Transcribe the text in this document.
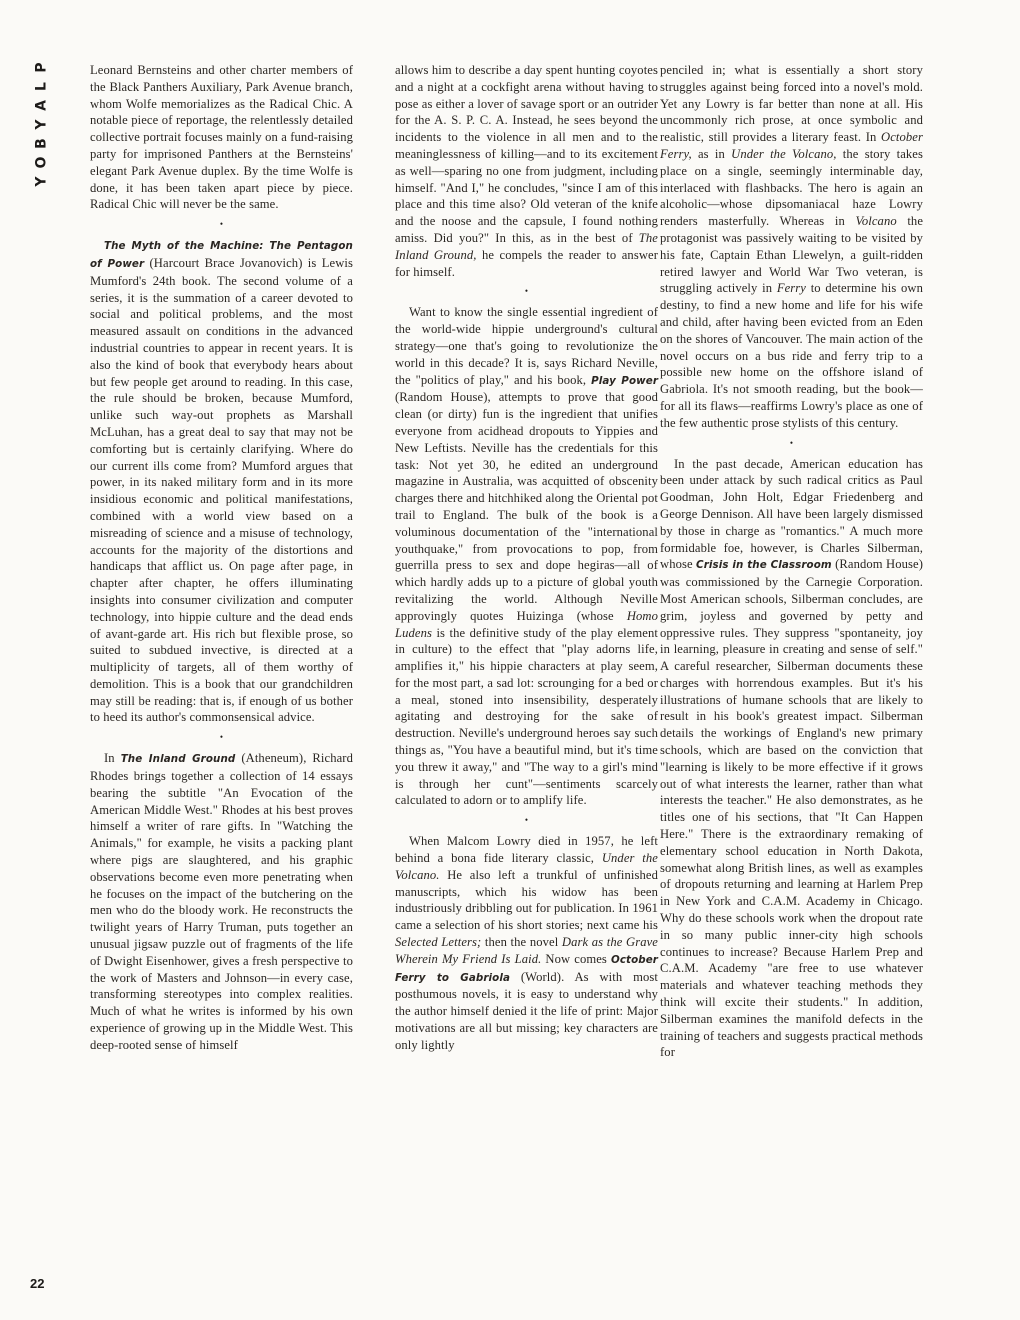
P
L
A
Y
B
O
Y
22

Leonard Bernsteins and other charter members of the Black Panthers Auxiliary, Park Avenue branch, whom Wolfe memorializes as the Radical Chic. A notable piece of reportage, the relentlessly detailed collective portrait focuses mainly on a fund-raising party for imprisoned Panthers at the Bernsteins' elegant Park Avenue duplex. By the time Wolfe is done, it has been taken apart piece by piece. Radical Chic will never be the same.

•

The Myth of the Machine: The Pentagon of Power (Harcourt Brace Jovanovich) is Lewis Mumford's 24th book. The second volume of a series, it is the summation of a career devoted to social and political problems, and the most measured assault on conditions in the advanced industrial countries to appear in recent years. It is also the kind of book that everybody hears about but few people get around to reading. In this case, the rule should be broken, because Mumford, unlike such way-out prophets as Marshall McLuhan, has a great deal to say that may not be comforting but is certainly clarifying. Where do our current ills come from? Mumford argues that power, in its naked military form and in its more insidious economic and political manifestations, combined with a world view based on a misreading of science and a misuse of technology, accounts for the majority of the distortions and handicaps that afflict us. On page after page, in chapter after chapter, he offers illuminating insights into consumer civilization and computer technology, into hippie culture and the dead ends of avant-garde art. His rich but flexible prose, so suited to subdued invective, is directed at a multiplicity of targets, all of them worthy of demolition. This is a book that our grandchildren may still be reading: that is, if enough of us bother to heed its author's commonsensical advice.

•

In The Inland Ground (Atheneum), Richard Rhodes brings together a collection of 14 essays bearing the subtitle "An Evocation of the American Middle West." Rhodes at his best proves himself a writer of rare gifts. In "Watching the Animals," for example, he visits a packing plant where pigs are slaughtered, and his graphic observations become even more penetrating when he focuses on the impact of the butchering on the men who do the bloody work. He reconstructs the twilight years of Harry Truman, puts together an unusual jigsaw puzzle out of fragments of the life of Dwight Eisenhower, gives a fresh perspective to the work of Masters and Johnson—in every case, transforming stereotypes into complex realities. Much of what he writes is informed by his own experience of growing up in the Middle West. This deep-rooted sense of himself

allows him to describe a day spent hunting coyotes and a night at a cockfight arena without having to pose as either a lover of savage sport or an outrider for the A. S. P. C. A. Instead, he sees beyond the incidents to the violence in all men and to the meaninglessness of killing—and to its excitement as well—sparing no one from judgment, including himself. "And I," he concludes, "since I am of this place and this time also? Old veteran of the knife and the noose and the capsule, I found nothing amiss. Did you?" In this, as in the best of The Inland Ground, he compels the reader to answer for himself.

•

Want to know the single essential ingredient of the world-wide hippie underground's cultural strategy—one that's going to revolutionize the world in this decade? It is, says Richard Neville, the "politics of play," and his book, Play Power (Random House), attempts to prove that good clean (or dirty) fun is the ingredient that unifies everyone from acidhead dropouts to Yippies and New Leftists. Neville has the credentials for this task: Not yet 30, he edited an underground magazine in Australia, was acquitted of obscenity charges there and hitchhiked along the Oriental pot trail to England. The bulk of the book is a voluminous documentation of the "international youthquake," from provocations to pop, from guerrilla press to sex and dope hegiras—all of which hardly adds up to a picture of global youth revitalizing the world. Although Neville approvingly quotes Huizinga (whose Homo Ludens is the definitive study of the play element in culture) to the effect that "play adorns life, amplifies it," his hippie characters at play seem, for the most part, a sad lot: scrounging for a bed or a meal, stoned into insensibility, desperately agitating and destroying for the sake of destruction. Neville's underground heroes say such things as, "You have a beautiful mind, but it's time you threw it away," and "The way to a girl's mind is through her cunt"—sentiments scarcely calculated to adorn or to amplify life.

•

When Malcom Lowry died in 1957, he left behind a bona fide literary classic, Under the Volcano. He also left a trunkful of unfinished manuscripts, which his widow has been industriously dribbling out for publication. In 1961 came a selection of his short stories; next came his Selected Letters; then the novel Dark as the Grave Wherein My Friend Is Laid. Now comes October Ferry to Gabriola (World). As with most posthumous novels, it is easy to understand why the author himself denied it the life of print: Major motivations are all but missing; key characters are only lightly

penciled in; what is essentially a short story struggles against being forced into a novel's mold. Yet any Lowry is far better than none at all. His uncommonly rich prose, at once symbolic and realistic, still provides a literary feast. In October Ferry, as in Under the Volcano, the story takes place on a single, seemingly interminable day, interlaced with flashbacks. The hero is again an alcoholic—whose dipsomaniacal haze Lowry renders masterfully. Whereas in Volcano the protagonist was passively waiting to be visited by his fate, Captain Ethan Llewelyn, a guilt-ridden retired lawyer and World War Two veteran, is struggling actively in Ferry to determine his own destiny, to find a new home and life for his wife and child, after having been evicted from an Eden on the shores of Vancouver. The main action of the novel occurs on a bus ride and ferry trip to a possible new home on the offshore island of Gabriola. It's not smooth reading, but the book—for all its flaws—reaffirms Lowry's place as one of the few authentic prose stylists of this century.

•

In the past decade, American education has been under attack by such radical critics as Paul Goodman, John Holt, Edgar Friedenberg and George Dennison. All have been largely dismissed by those in charge as "romantics." A much more formidable foe, however, is Charles Silberman, whose Crisis in the Classroom (Random House) was commissioned by the Carnegie Corporation. Most American schools, Silberman concludes, are grim, joyless and governed by petty and oppressive rules. They suppress "spontaneity, joy in learning, pleasure in creating and sense of self." A careful researcher, Silberman documents these charges with horrendous examples. But it's his illustrations of humane schools that are likely to result in his book's greatest impact. Silberman details the workings of England's new primary schools, which are based on the conviction that "learning is likely to be more effective if it grows out of what interests the learner, rather than what interests the teacher." He also demonstrates, as he titles one of his sections, that "It Can Happen Here." There is the extraordinary remaking of elementary school education in North Dakota, somewhat along British lines, as well as examples of dropouts returning and learning at Harlem Prep in New York and C.A.M. Academy in Chicago. Why do these schools work when the dropout rate in so many public inner-city high schools continues to increase? Because Harlem Prep and C.A.M. Academy "are free to use whatever materials and whatever teaching methods they think will excite their students." In addition, Silberman examines the manifold defects in the training of teachers and suggests practical methods for
